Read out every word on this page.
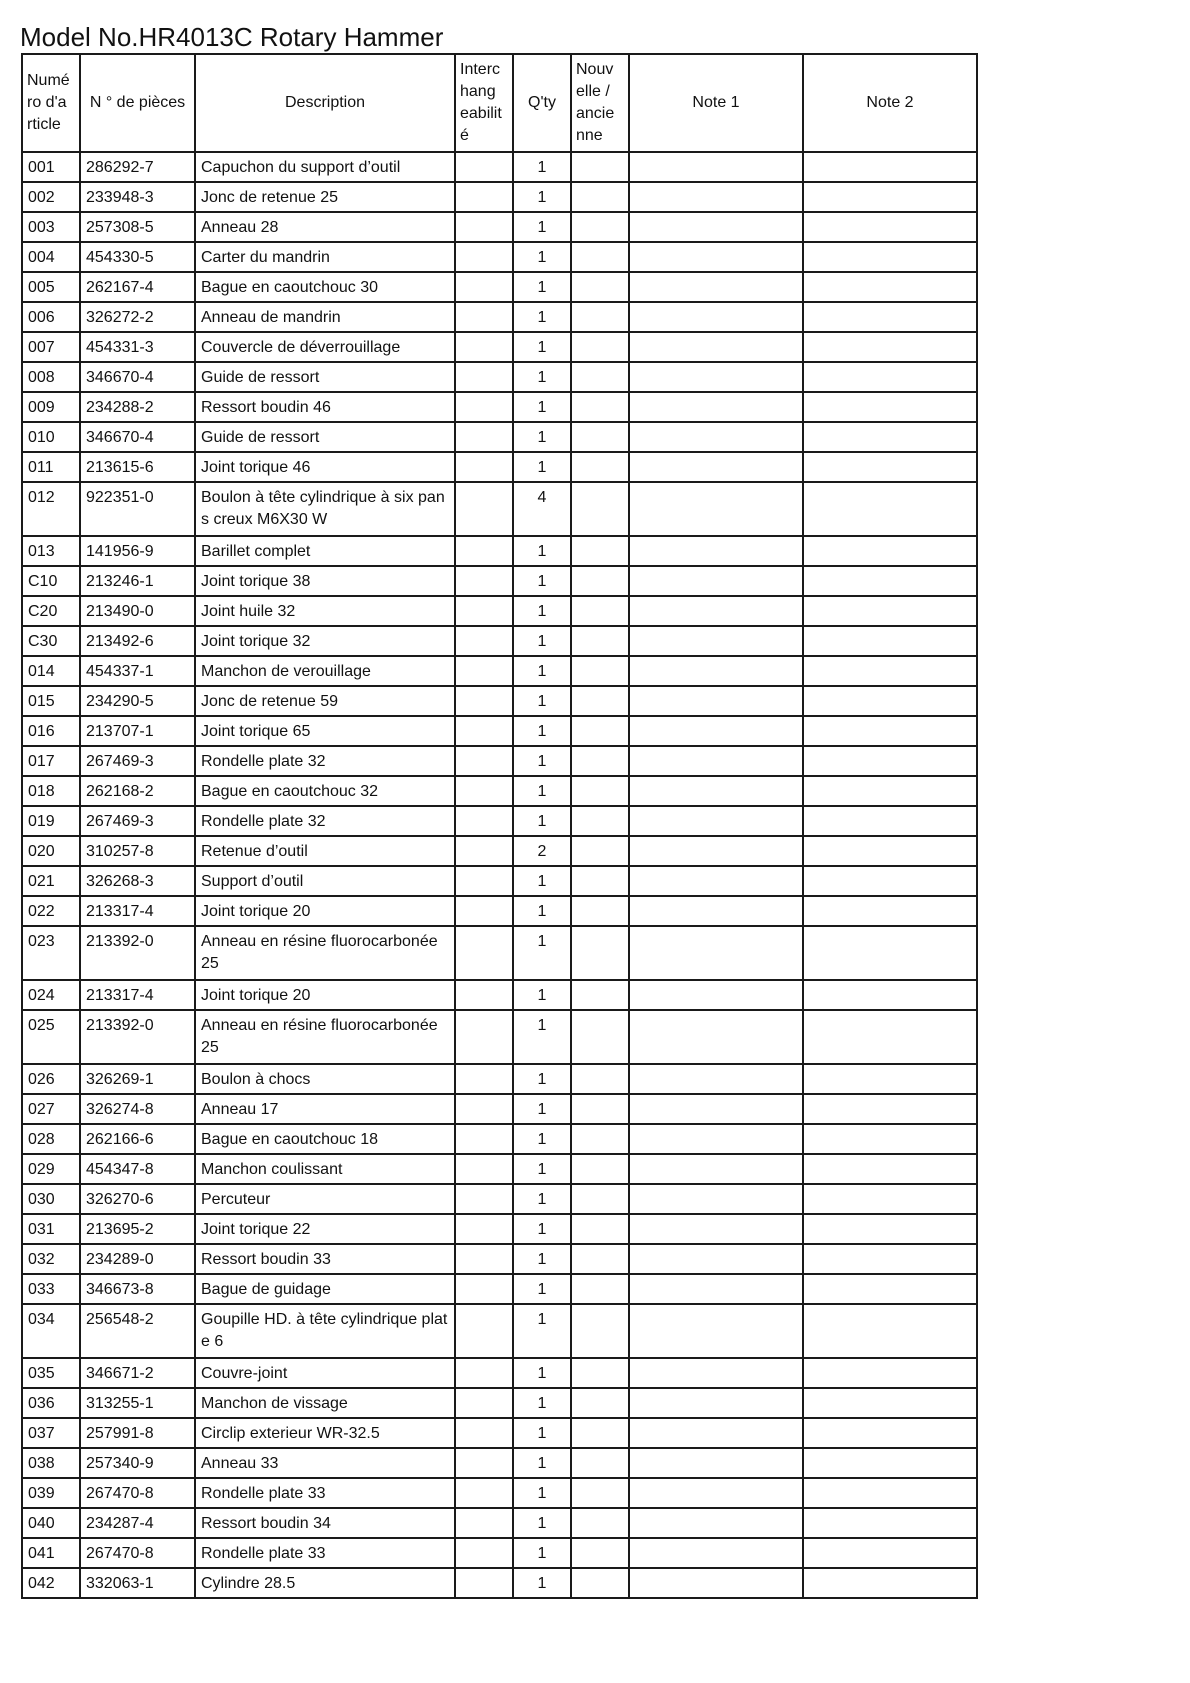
Model No.HR4013C Rotary Hammer
Numé ro d'a rticle	N ° de pièces	Description	Interc hang eabilit é	Q'ty	Nouv elle / ancie nne	Note 1	Note 2
001	286292-7	Capuchon du support d’outil		1			
002	233948-3	Jonc de retenue 25		1			
003	257308-5	Anneau 28		1			
004	454330-5	Carter du mandrin		1			
005	262167-4	Bague en caoutchouc 30		1			
006	326272-2	Anneau de mandrin		1			
007	454331-3	Couvercle de déverrouillage		1			
008	346670-4	Guide de ressort		1			
009	234288-2	Ressort boudin 46		1			
010	346670-4	Guide de ressort		1			
011	213615-6	Joint torique 46		1			
012	922351-0	Boulon à tête cylindrique à six pans creux M6X30 W		4			
013	141956-9	Barillet complet		1			
C10	213246-1	Joint torique 38		1			
C20	213490-0	Joint huile 32		1			
C30	213492-6	Joint torique 32		1			
014	454337-1	Manchon de verouillage		1			
015	234290-5	Jonc de retenue 59		1			
016	213707-1	Joint torique 65		1			
017	267469-3	Rondelle plate 32		1			
018	262168-2	Bague en caoutchouc 32		1			
019	267469-3	Rondelle plate 32		1			
020	310257-8	Retenue d’outil		2			
021	326268-3	Support d’outil		1			
022	213317-4	Joint torique 20		1			
023	213392-0	Anneau en résine fluorocarbonée 25		1			
024	213317-4	Joint torique 20		1			
025	213392-0	Anneau en résine fluorocarbonée 25		1			
026	326269-1	Boulon à chocs		1			
027	326274-8	Anneau 17		1			
028	262166-6	Bague en caoutchouc 18		1			
029	454347-8	Manchon coulissant		1			
030	326270-6	Percuteur		1			
031	213695-2	Joint torique 22		1			
032	234289-0	Ressort boudin 33		1			
033	346673-8	Bague de guidage		1			
034	256548-2	Goupille HD. à tête cylindrique plate 6		1			
035	346671-2	Couvre-joint		1			
036	313255-1	Manchon de vissage		1			
037	257991-8	Circlip exterieur WR-32.5		1			
038	257340-9	Anneau 33		1			
039	267470-8	Rondelle plate 33		1			
040	234287-4	Ressort boudin 34		1			
041	267470-8	Rondelle plate 33		1			
042	332063-1	Cylindre 28.5		1			
